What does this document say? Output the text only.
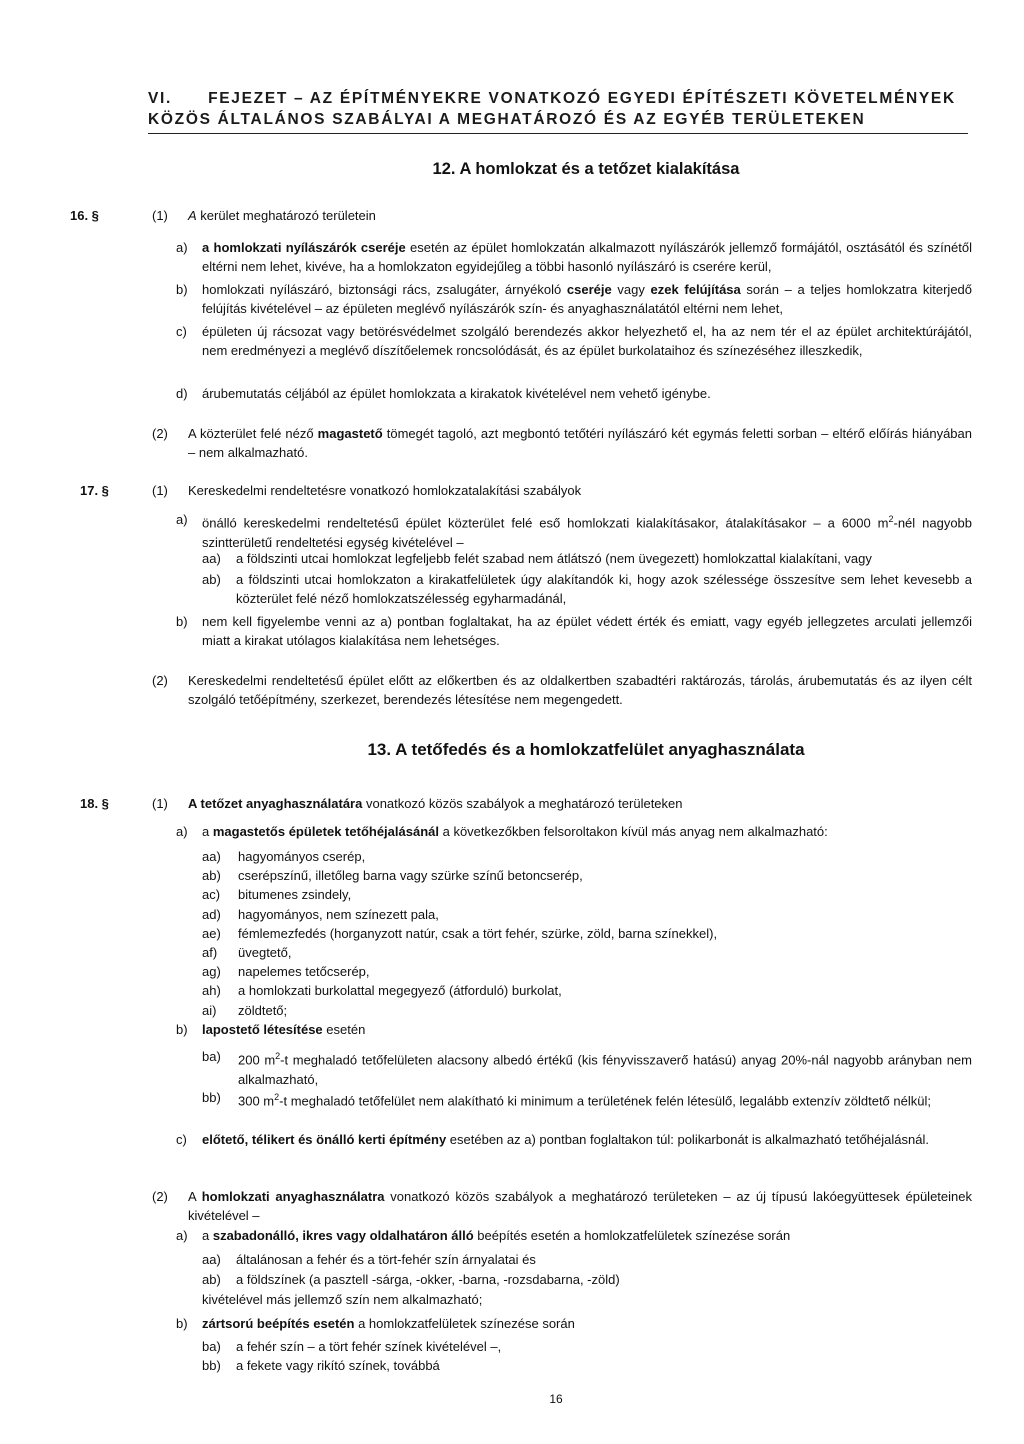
VI.      FEJEZET – AZ ÉPÍTMÉNYEKRE VONATKOZÓ EGYEDI ÉPÍTÉSZETI KÖVETELMÉNYEK
KÖZÖS ÁLTALÁNOS SZABÁLYAI A MEGHATÁROZÓ ÉS AZ EGYÉB TERÜLETEKEN
12. A homlokzat és a tetőzet kialakítása
16. §	(1) A kerület meghatározó területein
a) a homlokzati nyílászárók cseréje esetén az épület homlokzatán alkalmazott nyílászárók jellemző formájától, osztásától és színétől eltérni nem lehet, kivéve, ha a homlokzaton egyidejűleg a többi hasonló nyílászáró is cserére kerül,
b) homlokzati nyílászáró, biztonsági rács, zsalugáter, árnyékoló cseréje vagy ezek felújítása során – a teljes homlokzatra kiterjedő felújítás kivételével – az épületen meglévő nyílászárók szín- és anyaghasználatától eltérni nem lehet,
c) épületen új rácsozat vagy betörésvédelmet szolgáló berendezés akkor helyezhető el, ha az nem tér el az épület architektúrájától, nem eredményezi a meglévő díszítőelemek roncsolódását, és az épület burkolataihoz és színezéséhez illeszkedik,
d) árubemutatás céljából az épület homlokzata a kirakatok kivételével nem vehető igénybe.
(2) A közterület felé néző magastető tömegét tagoló, azt megbontó tetőtéri nyílászáró két egymás feletti sorban – eltérő előírás hiányában – nem alkalmazható.
17. §	(1) Kereskedelmi rendeltetésre vonatkozó homlokzatalakítási szabályok
a) önálló kereskedelmi rendeltetésű épület közterület felé eső homlokzati kialakításakor, átalakításakor – a 6000 $m^2$-nél nagyobb szintterületű rendeltetési egység kivételével –
aa) a földszinti utcai homlokzat legfeljebb felét szabad nem átlátszó (nem üvegezett) homlokzattal kialakítani, vagy
ab) a földszinti utcai homlokzaton a kirakatfelületek úgy alakítandók ki, hogy azok szélessége összesítve sem lehet kevesebb a közterület felé néző homlokzatszélesség egyharmadánál,
b) nem kell figyelembe venni az a) pontban foglaltakat, ha az épület védett érték és emiatt, vagy egyéb jellegzetes arculati jellemzői miatt a kirakat utólagos kialakítása nem lehetséges.
(2) Kereskedelmi rendeltetésű épület előtt az előkertben és az oldalkertben szabadtéri raktározás, tárolás, árubemutatás és az ilyen célt szolgáló tetőépítmény, szerkezet, berendezés létesítése nem megengedett.
13. A tetőfedés és a homlokzatfelület anyaghasználata
18. §	(1) A tetőzet anyaghasználatára vonatkozó közös szabályok a meghatározó területeken
a) a magastetős épületek tetőhéjalásánál a következőkben felsoroltakon kívül más anyag nem alkalmazható:
aa) hagyományos cserép,
ab) cserépszínű, illetőleg barna vagy szürke színű betoncserép,
ac) bitumenes zsindely,
ad) hagyományos, nem színezett pala,
ae) fémlemezfedés (horganyzott natúr, csak a tört fehér, szürke, zöld, barna színekkel),
af) üvegtető,
ag) napelemes tetőcserép,
ah) a homlokzati burkolattal megegyező (átforduló) burkolat,
ai) zöldtető;
b) lapostető létesítése esetén
ba) 200 $m^2-t$ meghaladó tetőfelületen alacsony albedó értékű (kis fényvisszaverő hatású) anyag 20%-nál nagyobb arányban nem alkalmazható,
bb) 300 $m^2-t$ meghaladó tetőfelület nem alakítható ki minimum a területének felén létesülő, legalább extenzív zöldtető nélkül;
c) előtető, télikert és önálló kerti építmény esetében az a) pontban foglaltakon túl: polikarbonát is alkalmazható tetőhéjalásnál.
(2) A homlokzati anyaghasználatra vonatkozó közös szabályok a meghatározó területeken – az új típusú lakóegyüttesek épületeinek kivételével –
a) a szabadonálló, ikres vagy oldalhatáron álló beépítés esetén a homlokzatfelületek színezése során
aa) általánosan a fehér és a tört-fehér szín árnyalatai és
ab) a földszínek (a pasztell -sárga, -okker, -barna, -rozsdabarna, -zöld)
kivételével más jellemző szín nem alkalmazható;
b) zártsorú beépítés esetén a homlokzatfelületek színezése során
ba) a fehér szín – a tört fehér színek kivételével –,
bb) a fekete vagy rikító színek, továbbá
16
